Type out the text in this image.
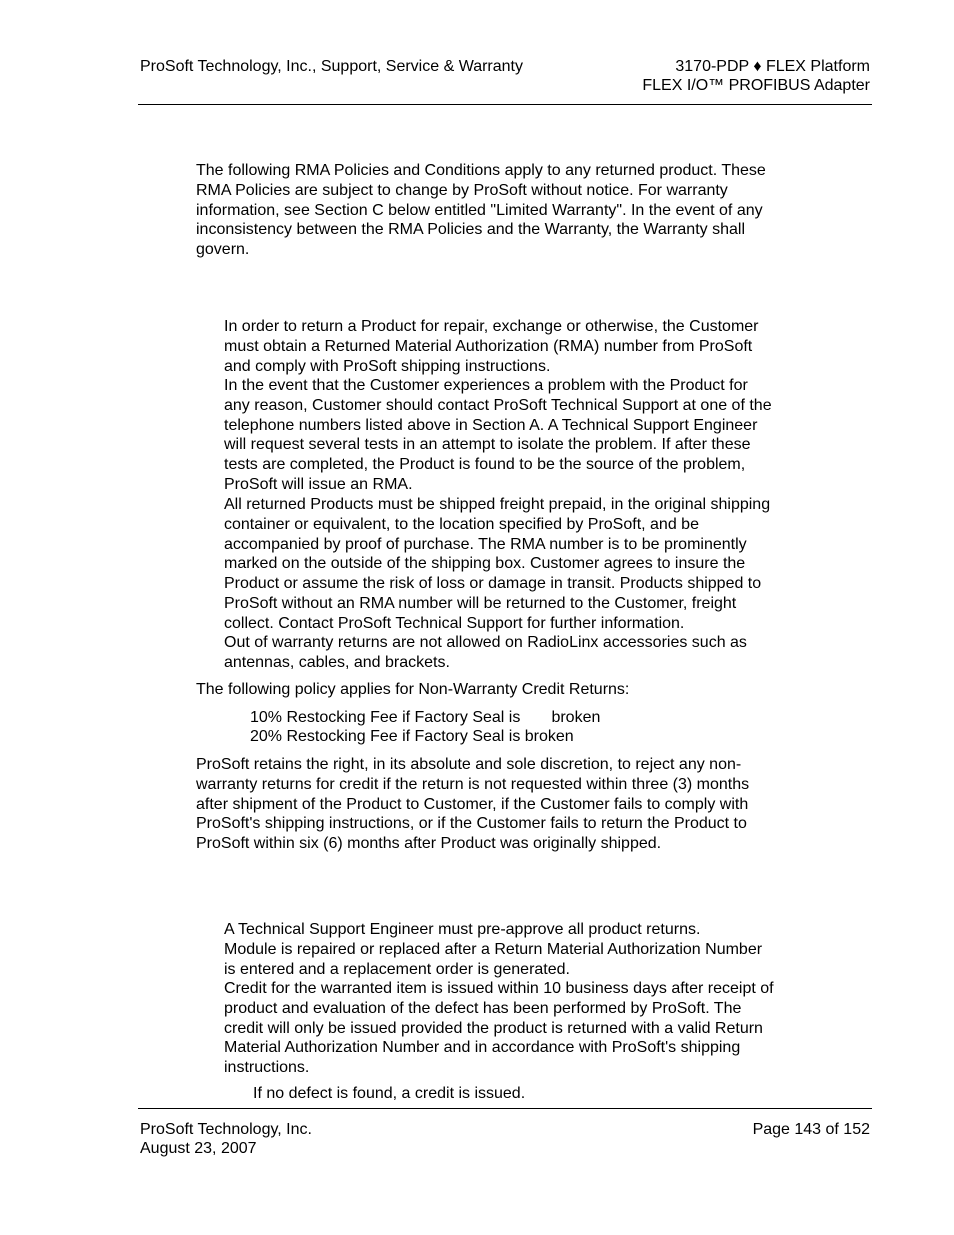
ProSoft Technology, Inc., Support, Service & Warranty	3170-PDP ♦ FLEX Platform
FLEX I/O™ PROFIBUS Adapter
The following RMA Policies and Conditions apply to any returned product. These
RMA Policies are subject to change by ProSoft without notice. For warranty
information, see Section C below entitled "Limited Warranty". In the event of any
inconsistency between the RMA Policies and the Warranty, the Warranty shall
govern.
In order to return a Product for repair, exchange or otherwise, the Customer
must obtain a Returned Material Authorization (RMA) number from ProSoft
and comply with ProSoft shipping instructions.
In the event that the Customer experiences a problem with the Product for
any reason, Customer should contact ProSoft Technical Support at one of the
telephone numbers listed above in Section A. A Technical Support Engineer
will request several tests in an attempt to isolate the problem. If after these
tests are completed, the Product is found to be the source of the problem,
ProSoft will issue an RMA.
All returned Products must be shipped freight prepaid, in the original shipping
container or equivalent, to the location specified by ProSoft, and be
accompanied by proof of purchase. The RMA number is to be prominently
marked on the outside of the shipping box. Customer agrees to insure the
Product or assume the risk of loss or damage in transit. Products shipped to
ProSoft without an RMA number will be returned to the Customer, freight
collect. Contact ProSoft Technical Support for further information.
Out of warranty returns are not allowed on RadioLinx accessories such as
antennas, cables, and brackets.
The following policy applies for Non-Warranty Credit Returns:
10% Restocking Fee if Factory Seal is       broken
20% Restocking Fee if Factory Seal is broken
ProSoft retains the right, in its absolute and sole discretion, to reject any non-
warranty returns for credit if the return is not requested within three (3) months
after shipment of the Product to Customer, if the Customer fails to comply with
ProSoft's shipping instructions, or if the Customer fails to return the Product to
ProSoft within six (6) months after Product was originally shipped.
A Technical Support Engineer must pre-approve all product returns.
Module is repaired or replaced after a Return Material Authorization Number
is entered and a replacement order is generated.
Credit for the warranted item is issued within 10 business days after receipt of
product and evaluation of the defect has been performed by ProSoft. The
credit will only be issued provided the product is returned with a valid Return
Material Authorization Number and in accordance with ProSoft's shipping
instructions.
If no defect is found, a credit is issued.
ProSoft Technology, Inc.
August 23, 2007
Page 143 of 152
